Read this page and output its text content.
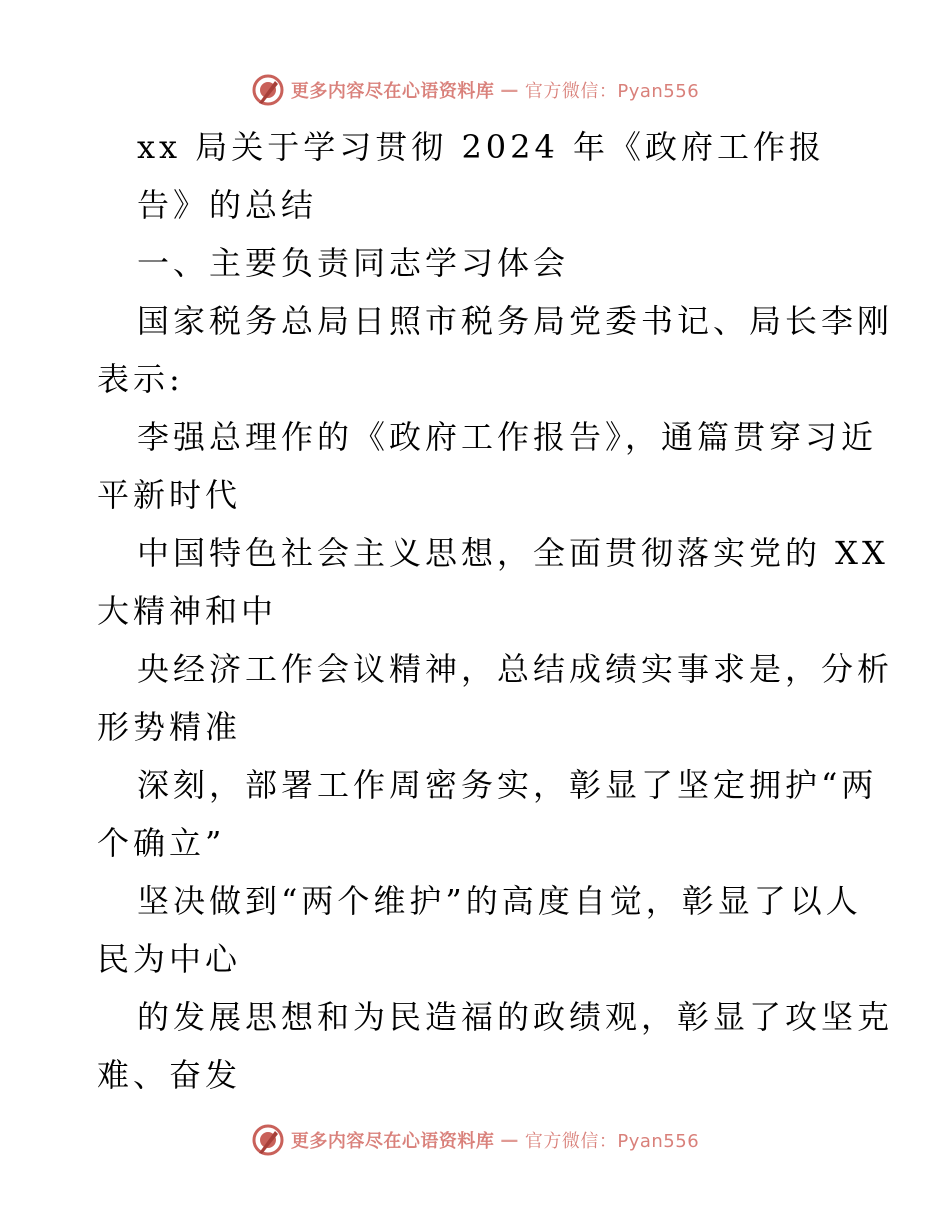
更多内容尽在心语资料库 — 官方微信：Pyan556
xx 局关于学习贯彻 2024 年《政府工作报
告》的总结
一、主要负责同志学习体会
国家税务总局日照市税务局党委书记、局长李刚
表示:
李强总理作的《政府工作报告》，通篇贯穿习近
平新时代
中国特色社会主义思想，全面贯彻落实党的 XX
大精神和中
央经济工作会议精神，总结成绩实事求是，分析
形势精准
深刻，部署工作周密务实，彰显了坚定拥护“两
个确立”
坚决做到“两个维护”的高度自觉，彰显了以人
民为中心
的发展思想和为民造福的政绩观，彰显了攻坚克
难、奋发
更多内容尽在心语资料库 — 官方微信：Pyan556
